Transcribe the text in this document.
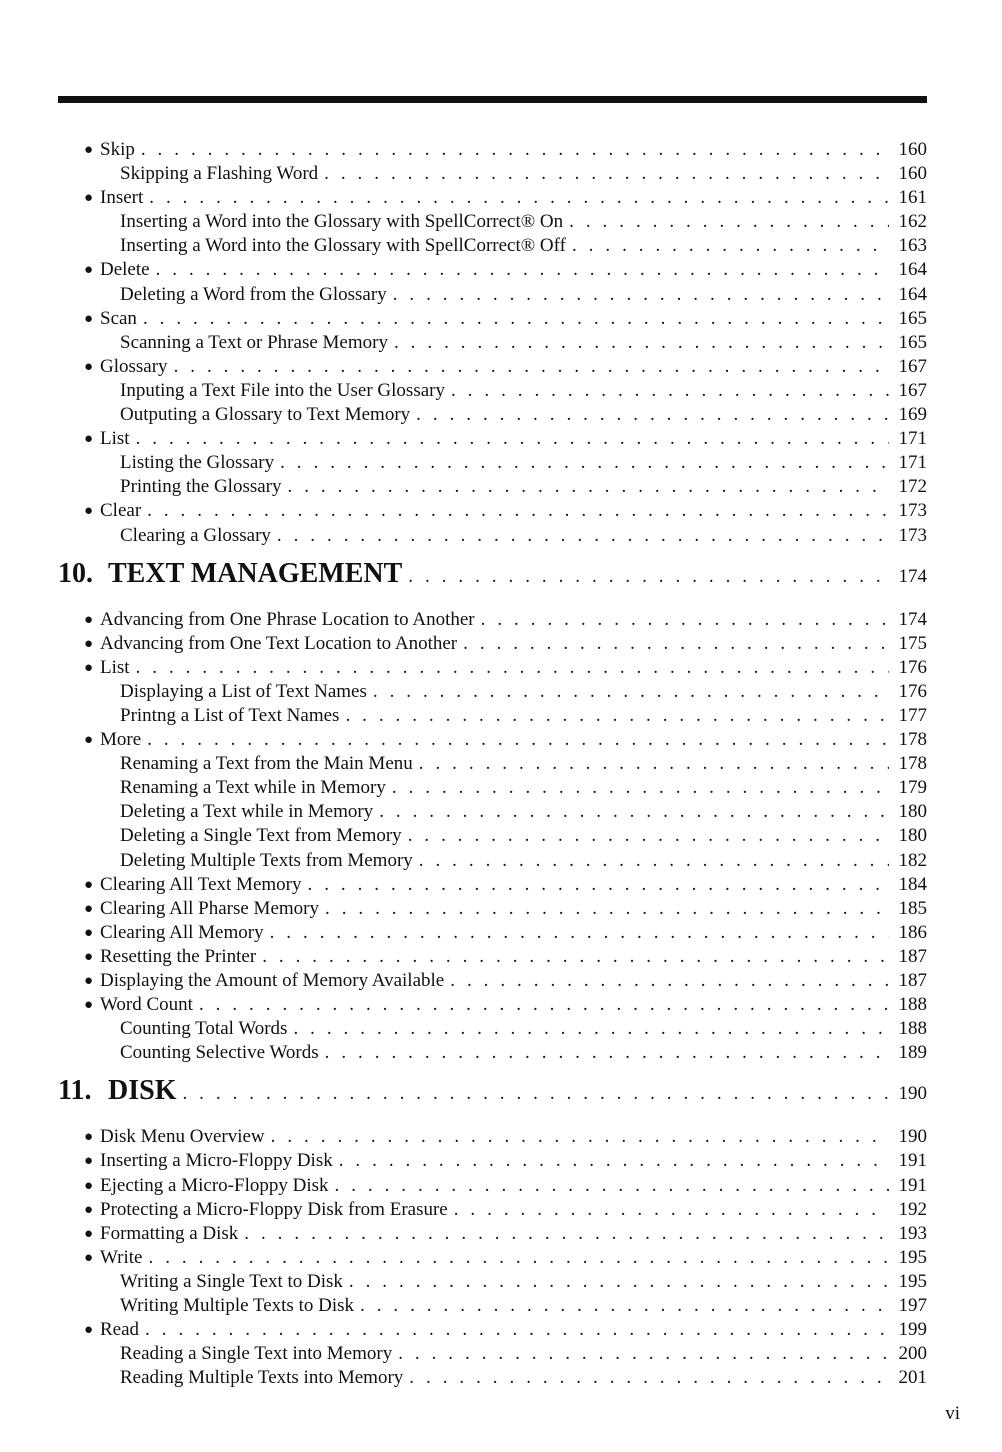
● Skip . . .	160
Skipping a Flashing Word . . .	160
● Insert . . .	161
Inserting a Word into the Glossary with SpellCorrect® On . . .	162
Inserting a Word into the Glossary with SpellCorrect® Off . . .	163
● Delete . . .	164
Deleting a Word from the Glossary . . .	164
● Scan . . .	165
Scanning a Text or Phrase Memory . . .	165
● Glossary . . .	167
Inputing a Text File into the User Glossary . . .	167
Outputing a Glossary to Text Memory . . .	169
● List . . .	171
Listing the Glossary . . .	171
Printing the Glossary . . .	172
● Clear . . .	173
Clearing a Glossary . . .	173
10. TEXT MANAGEMENT . . .	174
● Advancing from One Phrase Location to Another . . .	174
● Advancing from One Text Location to Another . . .	175
● List . . .	176
Displaying a List of Text Names . . .	176
Printng a List of Text Names . . .	177
● More . . .	178
Renaming a Text from the Main Menu . . .	178
Renaming a Text while in Memory . . .	179
Deleting a Text while in Memory . . .	180
Deleting a Single Text from Memory . . .	180
Deleting Multiple Texts from Memory . . .	182
● Clearing All Text Memory . . .	184
● Clearing All Pharse Memory . . .	185
● Clearing All Memory . . .	186
● Resetting the Printer . . .	187
● Displaying the Amount of Memory Available . . .	187
● Word Count . . .	188
Counting Total Words . . .	188
Counting Selective Words . . .	189
11. DISK . . .	190
● Disk Menu Overview . . .	190
● Inserting a Micro-Floppy Disk . . .	191
● Ejecting a Micro-Floppy Disk . . .	191
● Protecting a Micro-Floppy Disk from Erasure . . .	192
● Formatting a Disk . . .	193
● Write . . .	195
Writing a Single Text to Disk . . .	195
Writing Multiple Texts to Disk . . .	197
● Read . . .	199
Reading a Single Text into Memory . . .	200
Reading Multiple Texts into Memory . . .	201
vi
